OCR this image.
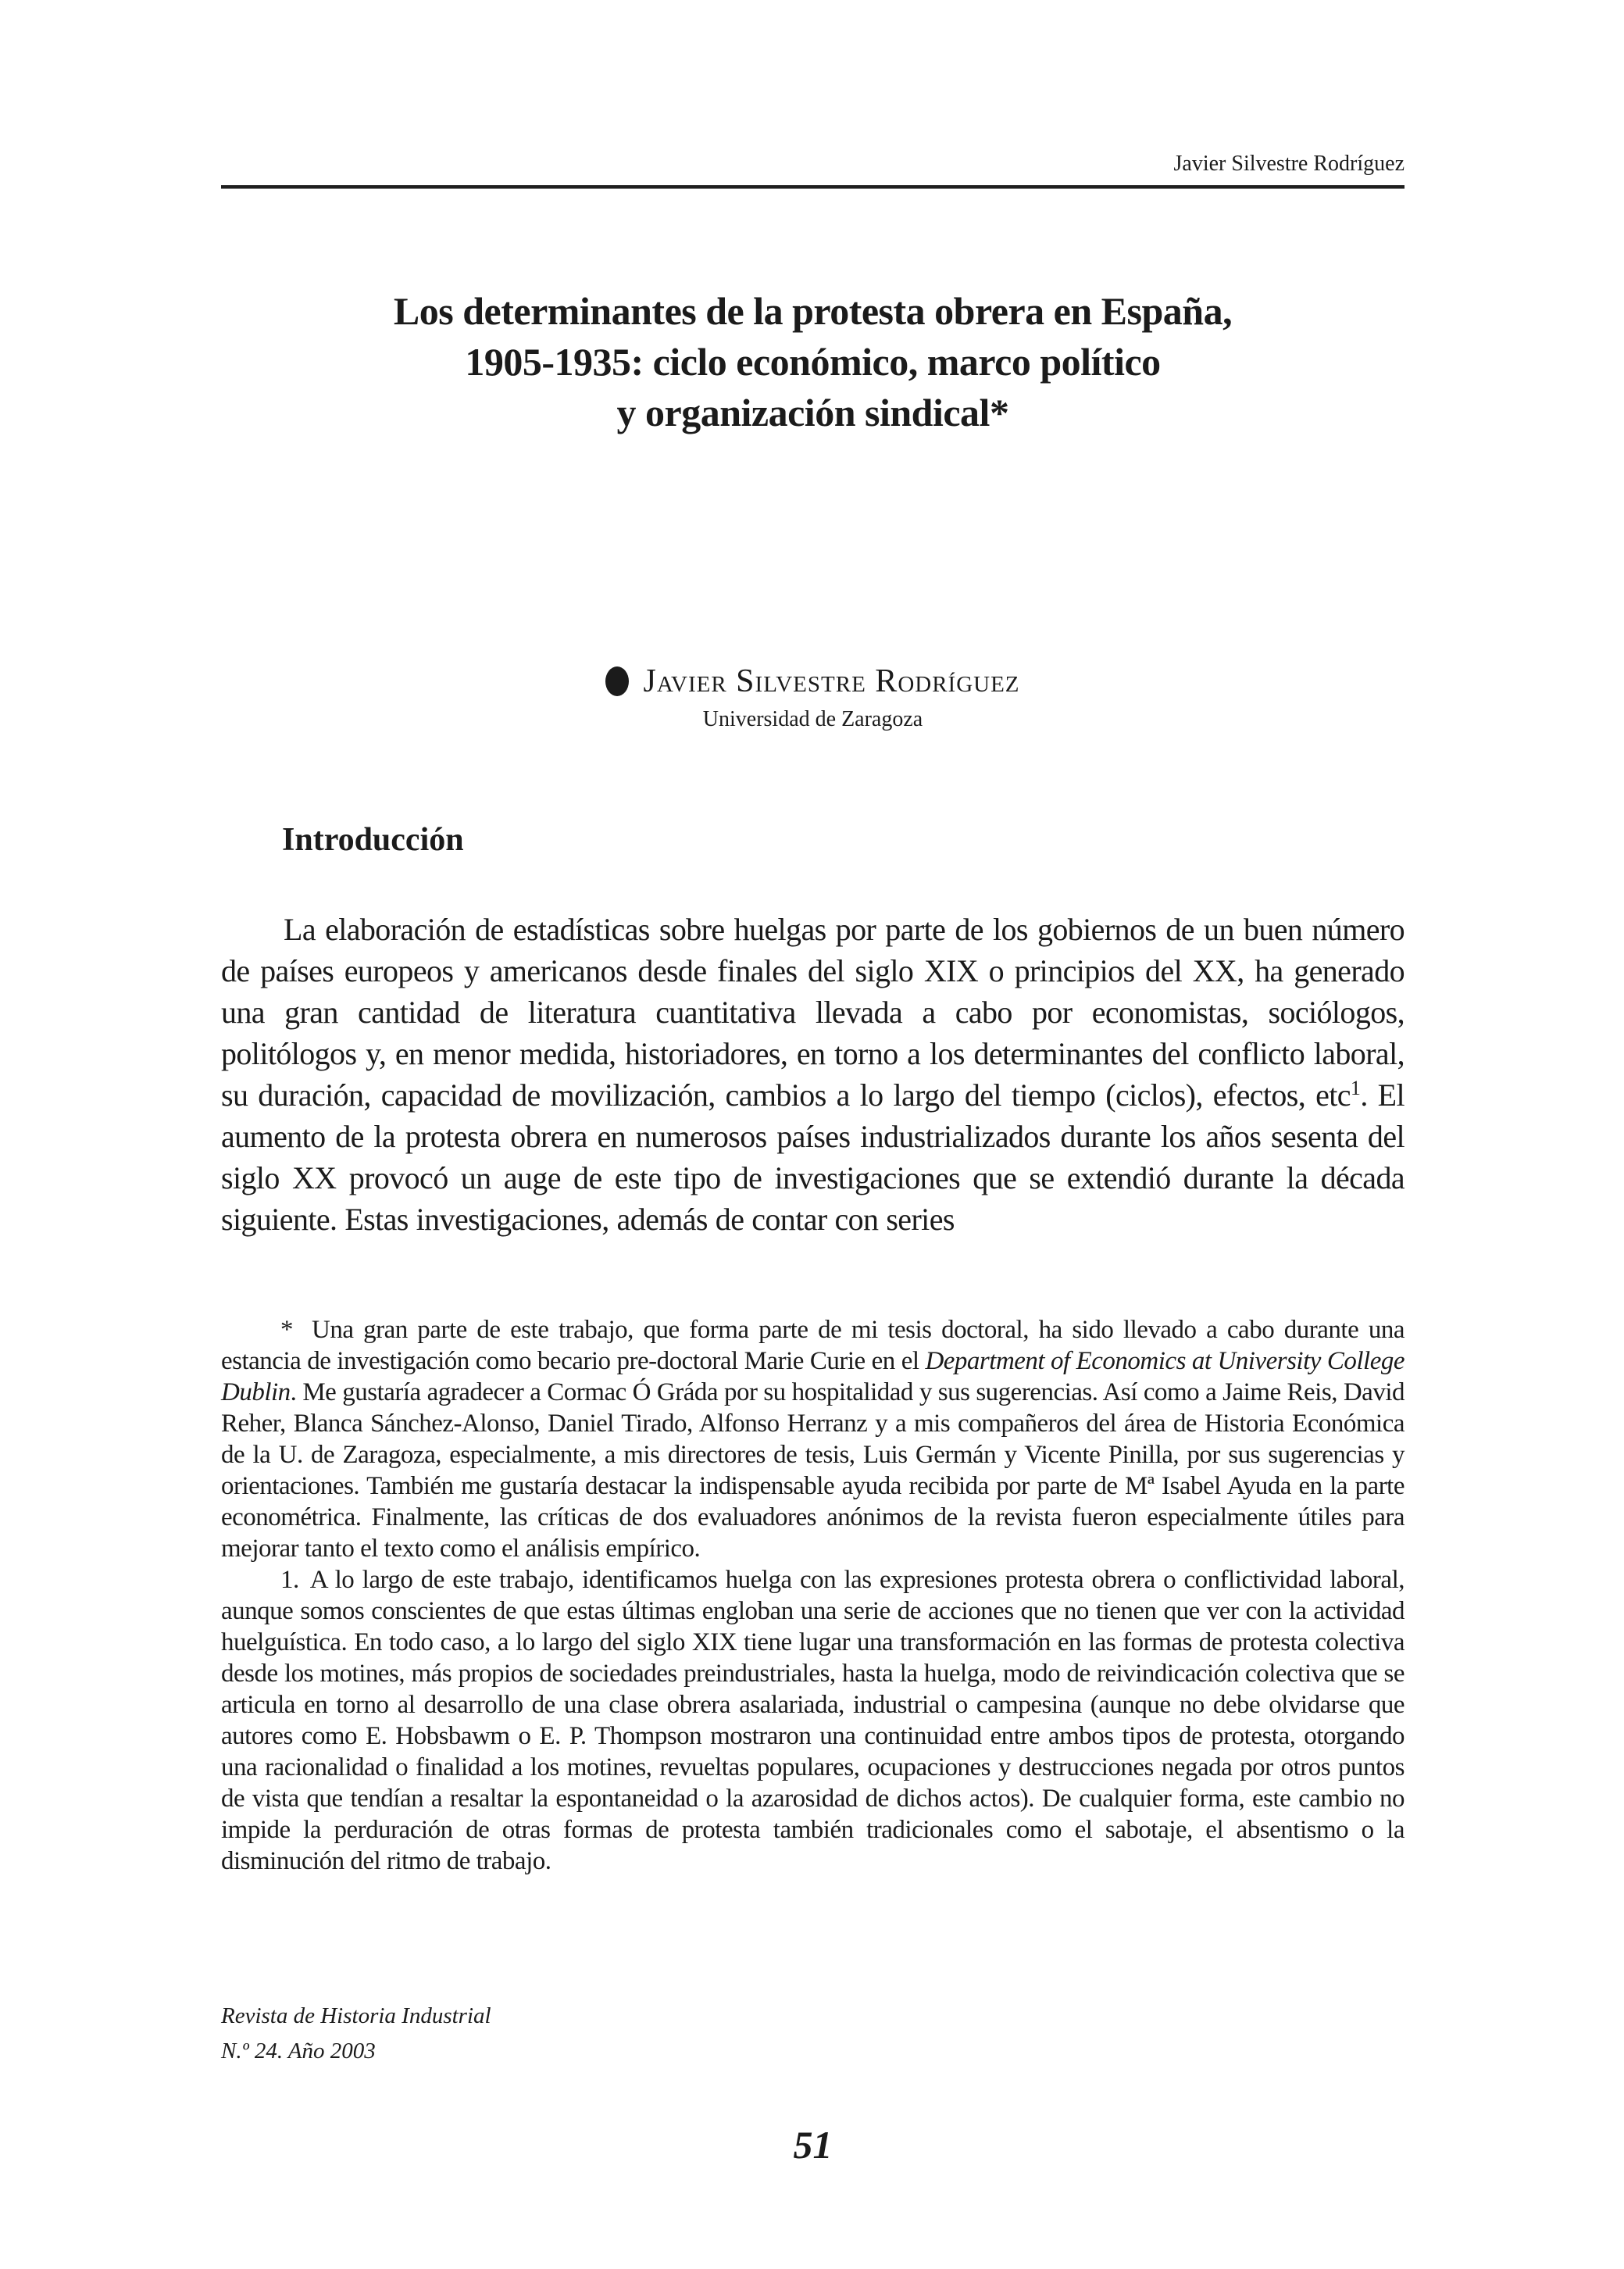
Javier Silvestre Rodríguez
Los determinantes de la protesta obrera en España,
1905-1935: ciclo económico, marco político
y organización sindical*
Javier Silvestre Rodríguez
Universidad de Zaragoza
Introducción

La elaboración de estadísticas sobre huelgas por parte de los gobiernos de un buen número de países europeos y americanos desde finales del siglo XIX o principios del XX, ha generado una gran cantidad de literatura cuantitativa llevada a cabo por economistas, sociólogos, politólogos y, en menor medida, historiadores, en torno a los determinantes del conflicto laboral, su duración, capacidad de movilización, cambios a lo largo del tiempo (ciclos), efectos, etc$^1$. El aumento de la protesta obrera en numerosos países industrializados durante los años sesenta del siglo XX provocó un auge de este tipo de investigaciones que se extendió durante la década siguiente. Estas investigaciones, además de contar con series

* Una gran parte de este trabajo, que forma parte de mi tesis doctoral, ha sido llevado a cabo durante una estancia de investigación como becario pre-doctoral Marie Curie en el Department of Economics at University College Dublin. Me gustaría agradecer a Cormac Ó Gráda por su hospitalidad y sus sugerencias. Así como a Jaime Reis, David Reher, Blanca Sánchez-Alonso, Daniel Tirado, Alfonso Herranz y a mis compañeros del área de Historia Económica de la U. de Zaragoza, especialmente, a mis directores de tesis, Luis Germán y Vicente Pinilla, por sus sugerencias y orientaciones. También me gustaría destacar la indispensable ayuda recibida por parte de Mª Isabel Ayuda en la parte econométrica. Finalmente, las críticas de dos evaluadores anónimos de la revista fueron especialmente útiles para mejorar tanto el texto como el análisis empírico.

1. A lo largo de este trabajo, identificamos huelga con las expresiones protesta obrera o conflictividad laboral, aunque somos conscientes de que estas últimas engloban una serie de acciones que no tienen que ver con la actividad huelguística. En todo caso, a lo largo del siglo XIX tiene lugar una transformación en las formas de protesta colectiva desde los motines, más propios de sociedades preindustriales, hasta la huelga, modo de reivindicación colectiva que se articula en torno al desarrollo de una clase obrera asalariada, industrial o campesina (aunque no debe olvidarse que autores como E. Hobsbawm o E. P. Thompson mostraron una continuidad entre ambos tipos de protesta, otorgando una racionalidad o finalidad a los motines, revueltas populares, ocupaciones y destrucciones negada por otros puntos de vista que tendían a resaltar la espontaneidad o la azarosidad de dichos actos). De cualquier forma, este cambio no impide la perduración de otras formas de protesta también tradicionales como el sabotaje, el absentismo o la disminución del ritmo de trabajo.

Revista de Historia Industrial
N.º 24. Año 2003
51
